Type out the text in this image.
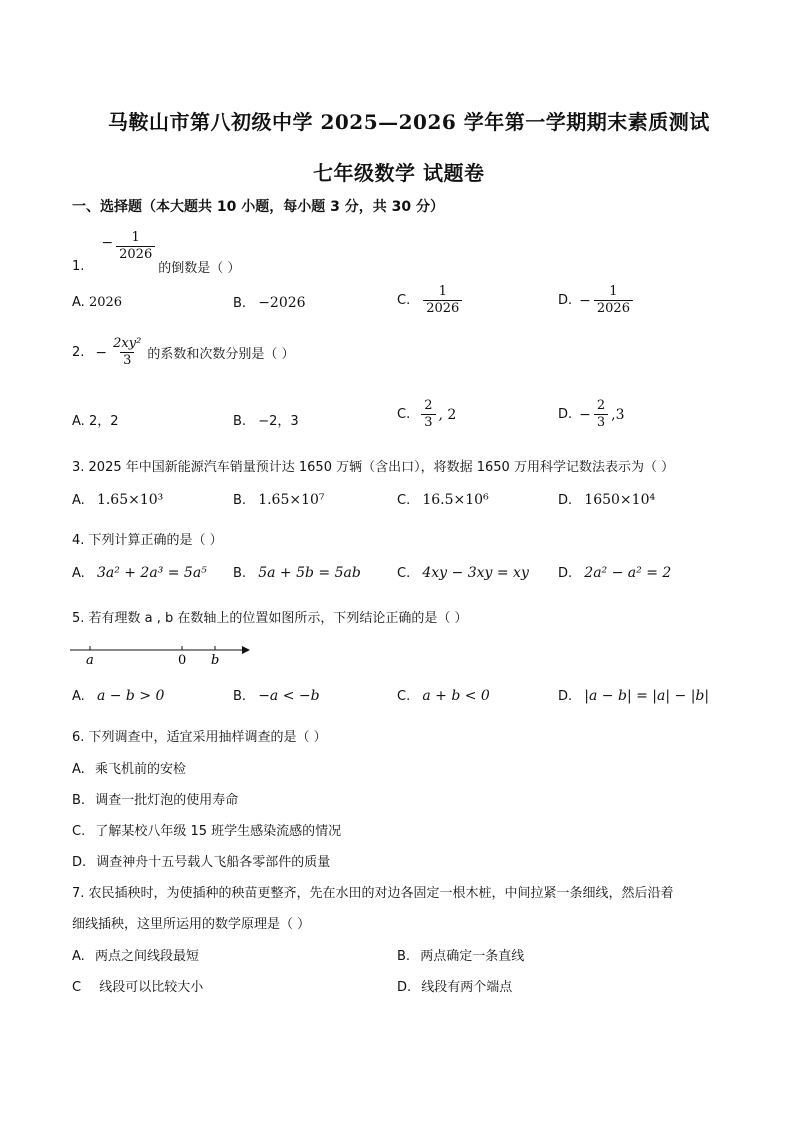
马鞍山市第八初级中学 2025—2026 学年第一学期期末素质测试
七年级数学 试题卷
一、选择题（本大题共 10 小题，每小题 3 分，共 30 分）
1.
− $\frac{1}{2026}$
的倒数是（ ）
A. 2026	B. −2026	C. $\frac{1}{2026}$	D. − $\frac{1}{2026}$
2. − $\frac{\text{2xy²}}{3}$ 的系数和次数分别是（ ）
A. 2，2	B. −2，3	C. $\frac{2}{3}$ , 2	D. − $\frac{2}{3} ,3$
3. 2025 年中国新能源汽车销量预计达 1650 万辆（含出口），将数据 1650 万用科学记数法表示为（ ）
A. 1.65×10³	B. 1.65×10⁷	C. 16.5×10⁶	D. 1650×10⁴
4. 下列计算正确的是（ ）
A. 3a² + 2a³ = 5a⁵ B. 5a + 5b = 5ab	C. 4xy − 3xy = xy D. 2a² − a² = 2
5. 若有理数 a , b 在数轴上的位置如图所示，下列结论正确的是（ ）
a	0 b
A. a − b > 0	B. −a < −b	C. a + b < 0	D. |a − b| = |a| − |b|
6. 下列调查中，适宜采用抽样调查的是（ ）
A. 乘飞机前的安检
B. 调查一批灯泡的使用寿命
C. 了解某校八年级 15 班学生感染流感的情况
D. 调查神舟十五号载人飞船各零部件的质量
7. 农民插秧时，为使插种的秧苗更整齐，先在水田的对边各固定一根木桩，中间拉紧一条细线，然后沿着
细线插秧，这里所运用的数学原理是（ ）
A. 两点之间线段最短	B. 两点确定一条直线
C 线段可以比较大小	D. 线段有两个端点
